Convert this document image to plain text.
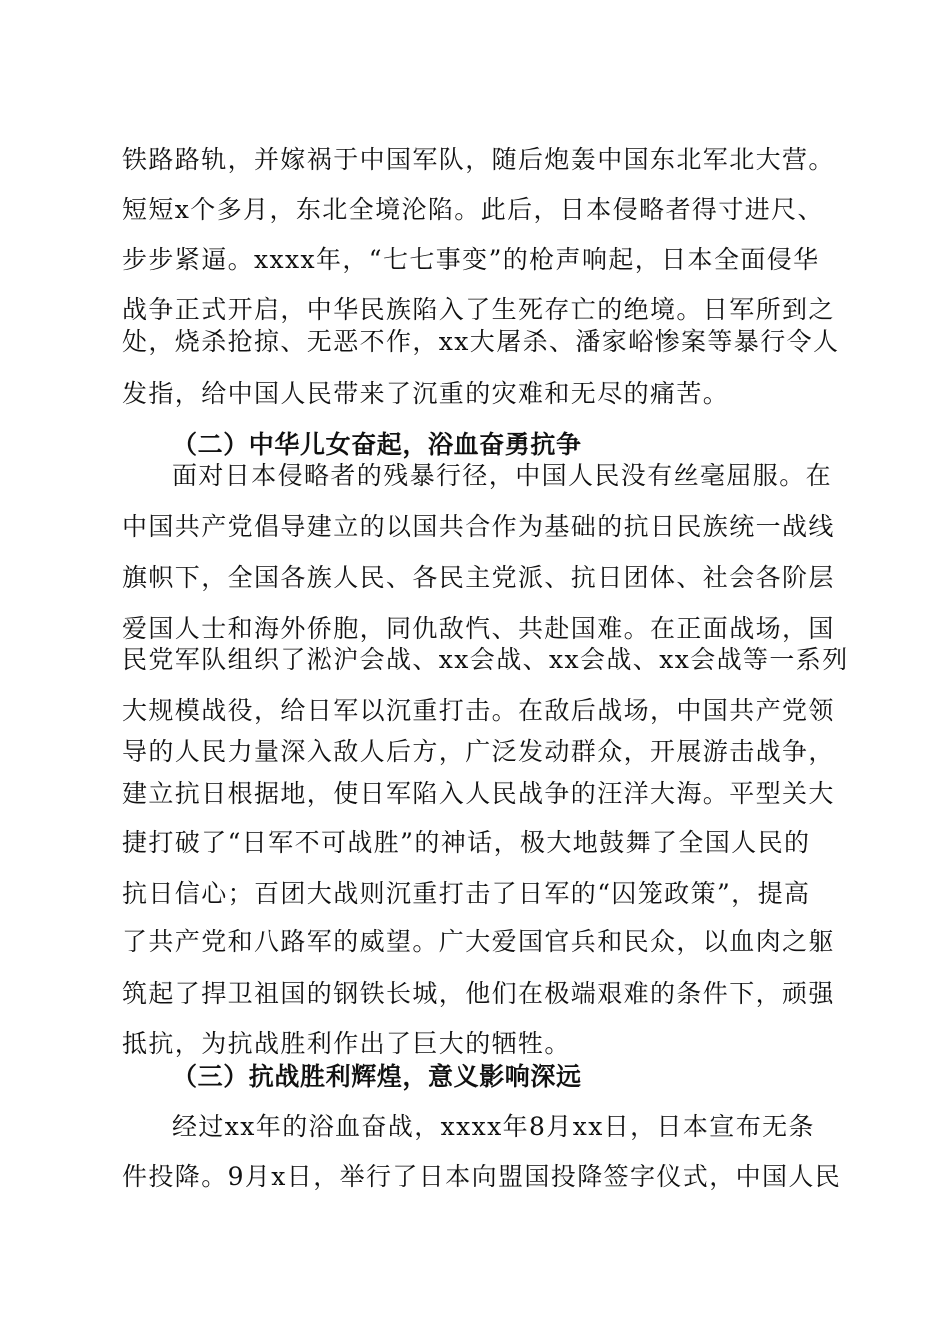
铁路路轨，并嫁祸于中国军队，随后炮轰中国东北军北大营。
短短x个多月，东北全境沦陷。此后，日本侵略者得寸进尺、
步步紧逼。xxxx年，“七七事变”的枪声响起，日本全面侵华
战争正式开启，中华民族陷入了生死存亡的绝境。日军所到之
处，烧杀抢掠、无恶不作，xx大屠杀、潘家峪惨案等暴行令人
发指，给中国人民带来了沉重的灾难和无尽的痛苦。
（二）中华儿女奋起，浴血奋勇抗争
面对日本侵略者的残暴行径，中国人民没有丝毫屈服。在
中国共产党倡导建立的以国共合作为基础的抗日民族统一战线
旗帜下，全国各族人民、各民主党派、抗日团体、社会各阶层
爱国人士和海外侨胞，同仇敌忾、共赴国难。在正面战场，国
民党军队组织了淞沪会战、xx会战、xx会战、xx会战等一系列
大规模战役，给日军以沉重打击。在敌后战场，中国共产党领
导的人民力量深入敌人后方，广泛发动群众，开展游击战争，
建立抗日根据地，使日军陷入人民战争的汪洋大海。平型关大
捷打破了“日军不可战胜”的神话，极大地鼓舞了全国人民的
抗日信心；百团大战则沉重打击了日军的“囚笼政策”，提高
了共产党和八路军的威望。广大爱国官兵和民众，以血肉之躯
筑起了捍卫祖国的钢铁长城，他们在极端艰难的条件下，顽强
抵抗，为抗战胜利作出了巨大的牺牲。
（三）抗战胜利辉煌，意义影响深远
经过xx年的浴血奋战，xxxx年8月xx日，日本宣布无条
件投降。9月x日，举行了日本向盟国投降签字仪式，中国人民
